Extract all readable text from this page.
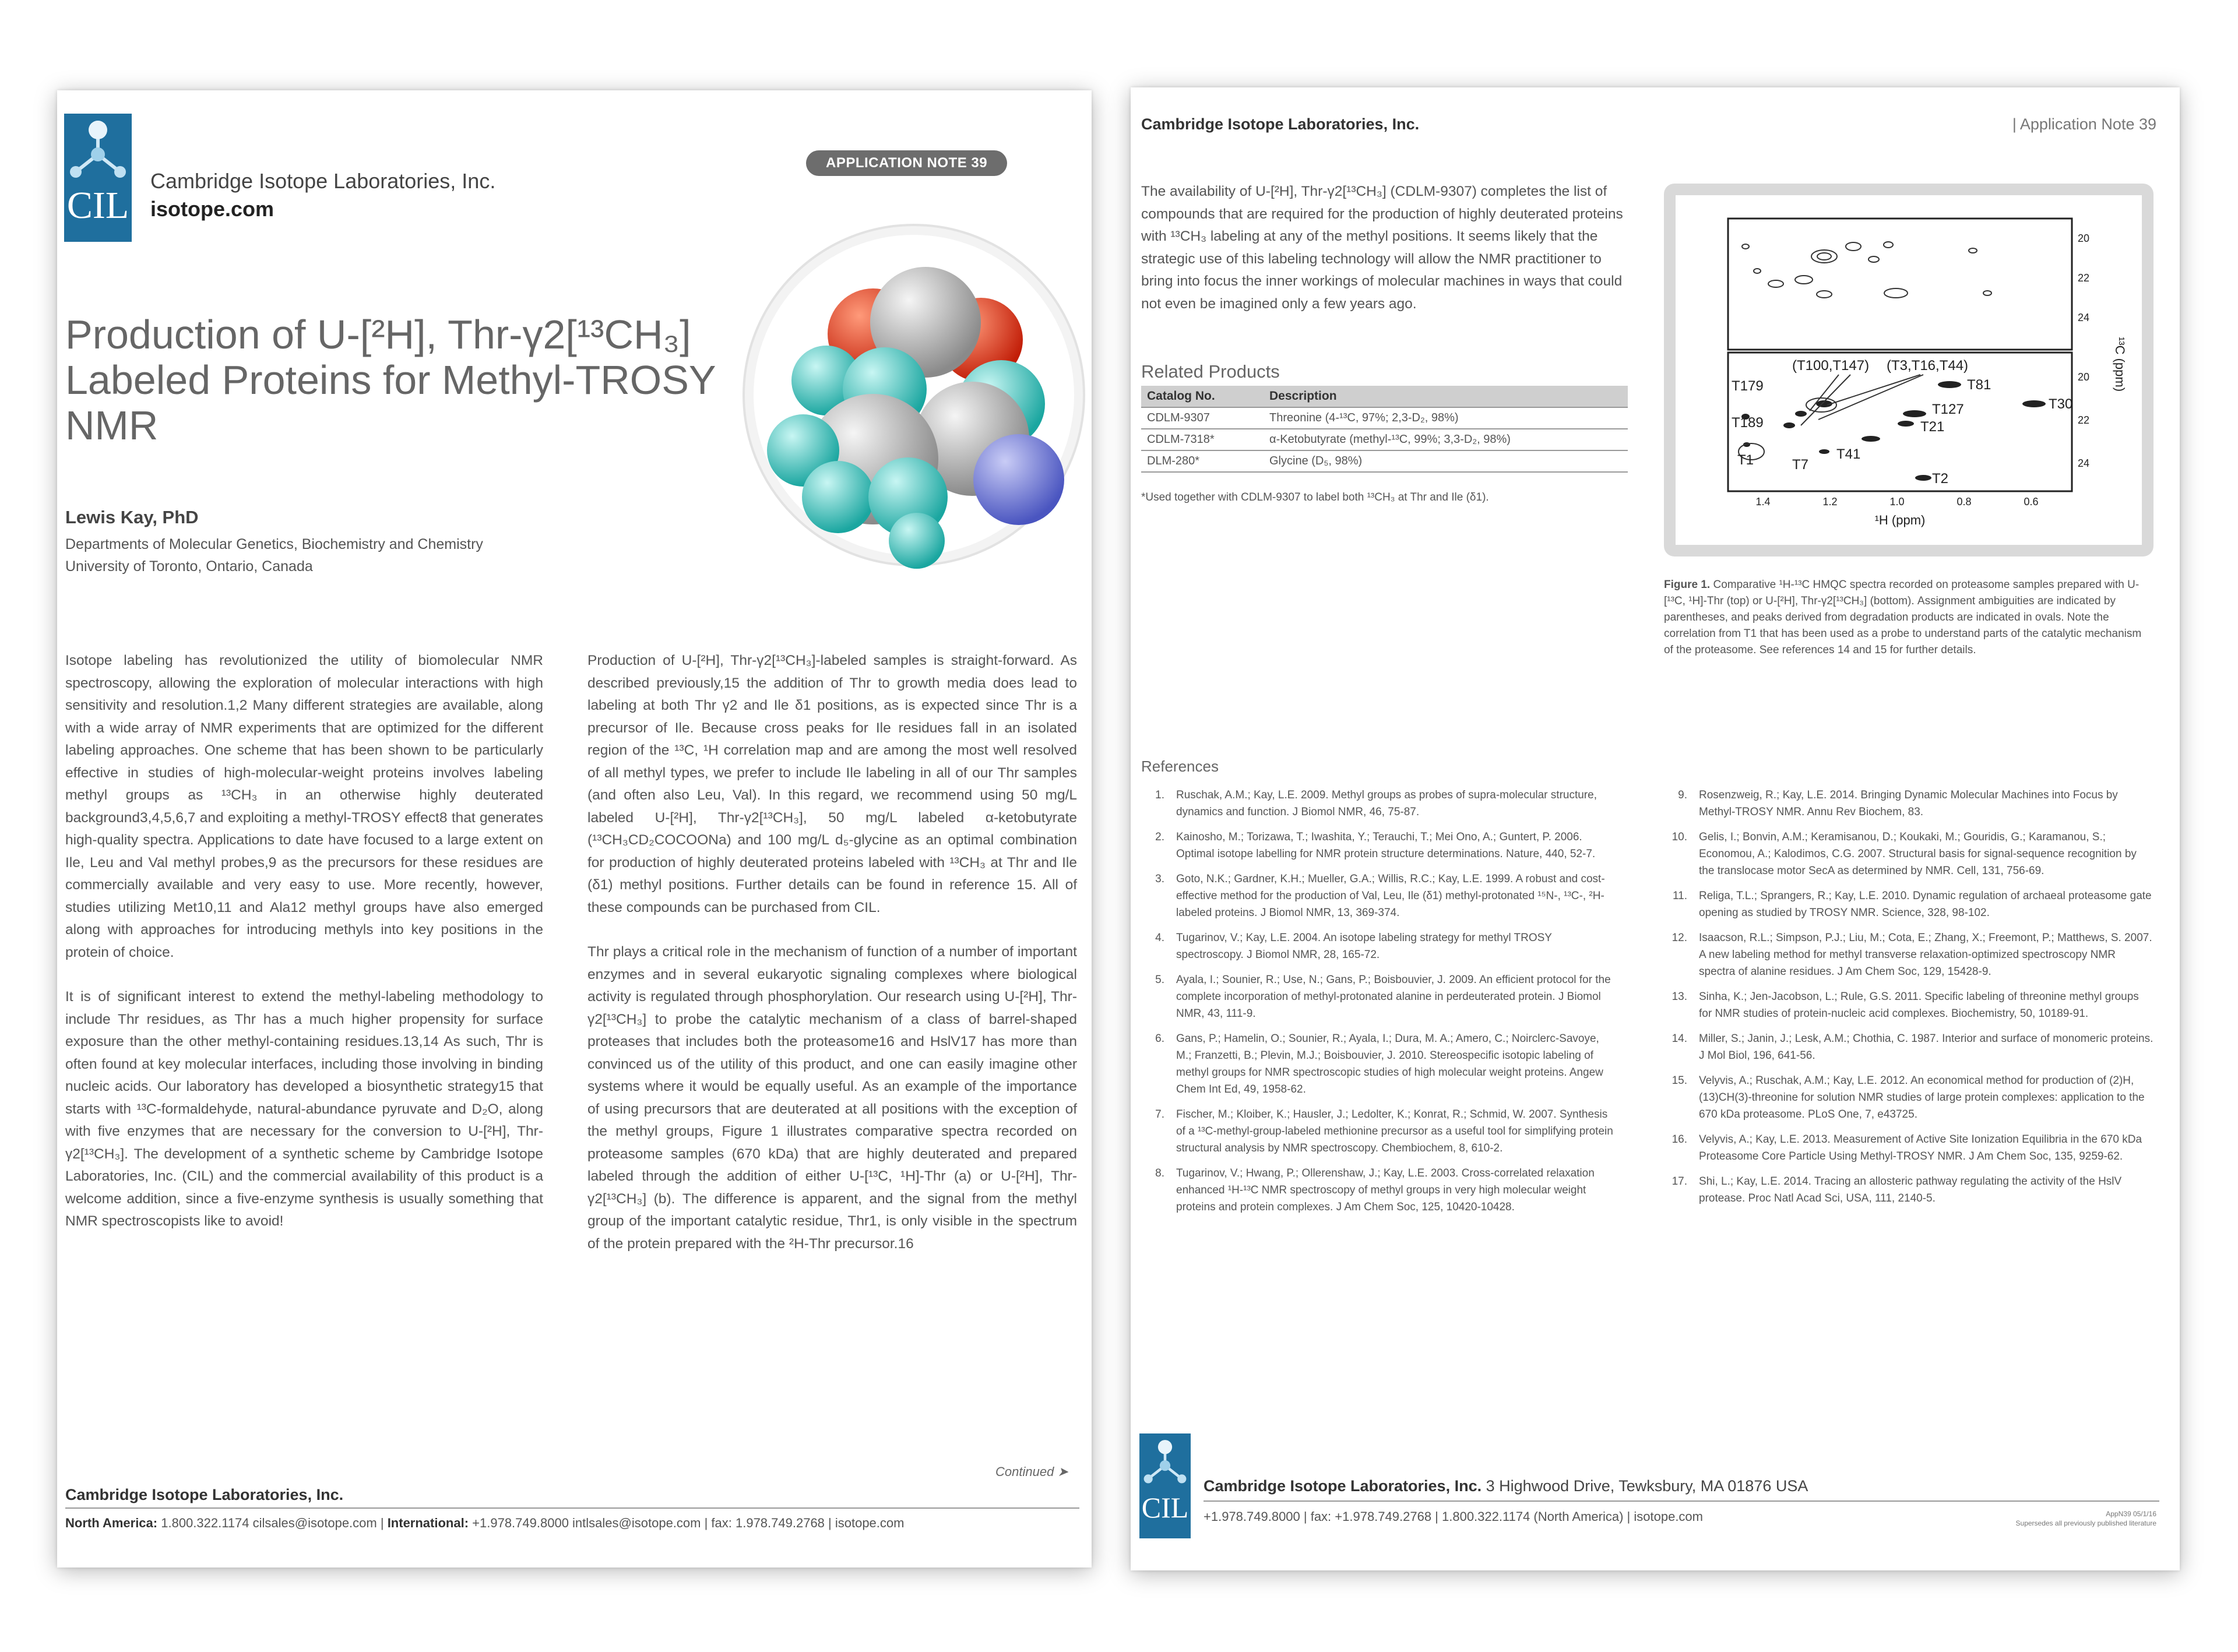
CIL
Cambridge Isotope Laboratories, Inc.
isotope.com
APPLICATION NOTE 39
Production of U-[²H], Thr-γ2[¹³CH₃]
Labeled Proteins for Methyl-TROSY
NMR
Lewis Kay, PhD
Departments of Molecular Genetics, Biochemistry and Chemistry
University of Toronto, Ontario, Canada

Isotope labeling has revolutionized the utility of biomolecular NMR spectroscopy, allowing the exploration of molecular interactions with high sensitivity and resolution.1,2 Many different strategies are available, along with a wide array of NMR experiments that are optimized for the different labeling approaches. One scheme that has been shown to be particularly effective in studies of high-molecular-weight proteins involves labeling methyl groups as ¹³CH₃ in an otherwise highly deuterated background3,4,5,6,7 and exploiting a methyl-TROSY effect8 that generates high-quality spectra. Applications to date have focused to a large extent on Ile, Leu and Val methyl probes,9 as the precursors for these residues are commercially available and very easy to use. More recently, however, studies utilizing Met10,11 and Ala12 methyl groups have also emerged along with approaches for introducing methyls into key positions in the protein of choice.

It is of significant interest to extend the methyl-labeling methodology to include Thr residues, as Thr has a much higher propensity for surface exposure than the other methyl-containing residues.13,14 As such, Thr is often found at key molecular interfaces, including those involving in binding nucleic acids. Our laboratory has developed a biosynthetic strategy15 that starts with ¹³C-formaldehyde, natural-abundance pyruvate and D₂O, along with five enzymes that are necessary for the conversion to U-[²H], Thr-γ2[¹³CH₃]. The development of a synthetic scheme by Cambridge Isotope Laboratories, Inc. (CIL) and the commercial availability of this product is a welcome addition, since a five-enzyme synthesis is usually something that NMR spectroscopists like to avoid!

Production of U-[²H], Thr-γ2[¹³CH₃]-labeled samples is straight-forward. As described previously,15 the addition of Thr to growth media does lead to labeling at both Thr γ2 and Ile δ1 positions, as is expected since Thr is a precursor of Ile. Because cross peaks for Ile residues fall in an isolated region of the ¹³C, ¹H correlation map and are among the most well resolved of all methyl types, we prefer to include Ile labeling in all of our Thr samples (and often also Leu, Val). In this regard, we recommend using 50 mg/L labeled U-[²H], Thr-γ2[¹³CH₃], 50 mg/L labeled α-ketobutyrate (¹³CH₃CD₂COCOONa) and 100 mg/L d₅-glycine as an optimal combination for production of highly deuterated proteins labeled with ¹³CH₃ at Thr and Ile (δ1) methyl positions. Further details can be found in reference 15. All of these compounds can be purchased from CIL.

Thr plays a critical role in the mechanism of function of a number of important enzymes and in several eukaryotic signaling complexes where biological activity is regulated through phosphorylation. Our research using U-[²H], Thr-γ2[¹³CH₃] to probe the catalytic mechanism of a class of barrel-shaped proteases that includes both the proteasome16 and HslV17 has more than convinced us of the utility of this product, and one can easily imagine other systems where it would be equally useful. As an example of the importance of using precursors that are deuterated at all positions with the exception of the methyl groups, Figure 1 illustrates comparative spectra recorded on proteasome samples (670 kDa) that are highly deuterated and prepared labeled through the addition of either U-[¹³C, ¹H]-Thr (a) or U-[²H], Thr-γ2[¹³CH₃] (b). The difference is apparent, and the signal from the methyl group of the important catalytic residue, Thr1, is only visible in the spectrum of the protein prepared with the ²H-Thr precursor.16

Continued ➤
Cambridge Isotope Laboratories, Inc.
North America: 1.800.322.1174 cilsales@isotope.com | International: +1.978.749.8000 intlsales@isotope.com | fax: 1.978.749.2768 | isotope.com
Cambridge Isotope Laboratories, Inc.	| Application Note 39
The availability of U-[²H], Thr-γ2[¹³CH₃] (CDLM-9307) completes the list of compounds that are required for the production of highly deuterated proteins with ¹³CH₃ labeling at any of the methyl positions. It seems likely that the strategic use of this labeling technology will allow the NMR practitioner to bring into focus the inner workings of molecular machines in ways that could not even be imagined only a few years ago.
Related Products
Catalog No.	Description
CDLM-9307	Threonine (4-¹³C, 97%; 2,3-D₂, 98%)
CDLM-7318*	α-Ketobutyrate (methyl-¹³C, 99%; 3,3-D₂, 98%)
DLM-280*	Glycine (D₅, 98%)
*Used together with CDLM-9307 to label both ¹³CH₃ at Thr and Ile (δ1).
(T100,T147) (T3,T16,T44)
T179	T81
T30
T127
T21
T189
T1	T7
T41
T2
20
22
24
20
22
24
¹³C (ppm)
1.4	1.2	1.0	0.8	0.6
¹H (ppm)
Figure 1. Comparative ¹H-¹³C HMQC spectra recorded on proteasome samples prepared with U-[¹³C, ¹H]-Thr (top) or U-[²H], Thr-γ2[¹³CH₃] (bottom). Assignment ambiguities are indicated by parentheses, and peaks derived from degradation products are indicated in ovals. Note the correlation from T1 that has been used as a probe to understand parts of the catalytic mechanism of the proteasome. See references 14 and 15 for further details.
References
1. Ruschak, A.M.; Kay, L.E. 2009. Methyl groups as probes of supra-molecular structure, dynamics and function. J Biomol NMR, 46, 75-87.
2. Kainosho, M.; Torizawa, T.; Iwashita, Y.; Terauchi, T.; Mei Ono, A.; Guntert, P. 2006. Optimal isotope labelling for NMR protein structure determinations. Nature, 440, 52-7.
3. Goto, N.K.; Gardner, K.H.; Mueller, G.A.; Willis, R.C.; Kay, L.E. 1999. A robust and cost-effective method for the production of Val, Leu, Ile (δ1) methyl-protonated ¹⁵N-, ¹³C-, ²H-labeled proteins. J Biomol NMR, 13, 369-374.
4. Tugarinov, V.; Kay, L.E. 2004. An isotope labeling strategy for methyl TROSY spectroscopy. J Biomol NMR, 28, 165-72.
5. Ayala, I.; Sounier, R.; Use, N.; Gans, P.; Boisbouvier, J. 2009. An efficient protocol for the complete incorporation of methyl-protonated alanine in perdeuterated protein. J Biomol NMR, 43, 111-9.
6. Gans, P.; Hamelin, O.; Sounier, R.; Ayala, I.; Dura, M. A.; Amero, C.; Noirclerc-Savoye, M.; Franzetti, B.; Plevin, M.J.; Boisbouvier, J. 2010. Stereospecific isotopic labeling of methyl groups for NMR spectroscopic studies of high molecular weight proteins. Angew Chem Int Ed, 49, 1958-62.
7. Fischer, M.; Kloiber, K.; Hausler, J.; Ledolter, K.; Konrat, R.; Schmid, W. 2007. Synthesis of a ¹³C-methyl-group-labeled methionine precursor as a useful tool for simplifying protein structural analysis by NMR spectroscopy. Chembiochem, 8, 610-2.
8. Tugarinov, V.; Hwang, P.; Ollerenshaw, J.; Kay, L.E. 2003. Cross-correlated relaxation enhanced ¹H-¹³C NMR spectroscopy of methyl groups in very high molecular weight proteins and protein complexes. J Am Chem Soc, 125, 10420-10428.
9. Rosenzweig, R.; Kay, L.E. 2014. Bringing Dynamic Molecular Machines into Focus by Methyl-TROSY NMR. Annu Rev Biochem, 83.
10. Gelis, I.; Bonvin, A.M.; Keramisanou, D.; Koukaki, M.; Gouridis, G.; Karamanou, S.; Economou, A.; Kalodimos, C.G. 2007. Structural basis for signal-sequence recognition by the translocase motor SecA as determined by NMR. Cell, 131, 756-69.
11. Religa, T.L.; Sprangers, R.; Kay, L.E. 2010. Dynamic regulation of archaeal proteasome gate opening as studied by TROSY NMR. Science, 328, 98-102.
12. Isaacson, R.L.; Simpson, P.J.; Liu, M.; Cota, E.; Zhang, X.; Freemont, P.; Matthews, S. 2007. A new labeling method for methyl transverse relaxation-optimized spectroscopy NMR spectra of alanine residues. J Am Chem Soc, 129, 15428-9.
13. Sinha, K.; Jen-Jacobson, L.; Rule, G.S. 2011. Specific labeling of threonine methyl groups for NMR studies of protein-nucleic acid complexes. Biochemistry, 50, 10189-91.
14. Miller, S.; Janin, J.; Lesk, A.M.; Chothia, C. 1987. Interior and surface of monomeric proteins. J Mol Biol, 196, 641-56.
15. Velyvis, A.; Ruschak, A.M.; Kay, L.E. 2012. An economical method for production of (2)H, (13)CH(3)-threonine for solution NMR studies of large protein complexes: application to the 670 kDa proteasome. PLoS One, 7, e43725.
16. Velyvis, A.; Kay, L.E. 2013. Measurement of Active Site Ionization Equilibria in the 670 kDa Proteasome Core Particle Using Methyl-TROSY NMR. J Am Chem Soc, 135, 9259-62.
17. Shi, L.; Kay, L.E. 2014. Tracing an allosteric pathway regulating the activity of the HslV protease. Proc Natl Acad Sci, USA, 111, 2140-5.
CIL
Cambridge Isotope Laboratories, Inc. 3 Highwood Drive, Tewksbury, MA 01876 USA
+1.978.749.8000 | fax: +1.978.749.2768 | 1.800.322.1174 (North America) | isotope.com	AppN39 05/1/16
Supersedes all previously published literature
